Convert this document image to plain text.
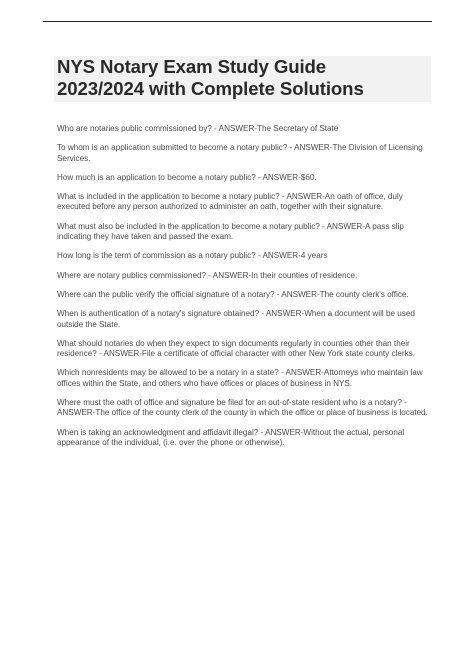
NYS Notary Exam Study Guide
2023/2024 with Complete Solutions
Who are notaries public commissioned by? - ANSWER-The Secretary of State
To whom is an application submitted to become a notary public? - ANSWER-The Division of Licensing Services.
How much is an application to become a notary public? - ANSWER-$60.
What is included in the application to become a notary public? - ANSWER-An oath of office, duly executed before any person authorized to administer an oath, together with their signature.
What must also be included in the application to become a notary public? - ANSWER-A pass slip indicating they have taken and passed the exam.
How long is the term of commission as a notary public? - ANSWER-4 years
Where are notary publics commissioned? - ANSWER-In their counties of residence.
Where can the public verify the official signature of a notary? - ANSWER-The county clerk's office.
When is authentication of a notary's signature obtained? - ANSWER-When a document will be used outside the State.
What should notaries do when they expect to sign documents regularly in counties other than their residence? - ANSWER-File a certificate of official character with other New York state county clerks.
Which nonresidents may be allowed to be a notary in a state? - ANSWER-Attorneys who maintain law offices within the State, and others who have offices or places of business in NYS.
Where must the oath of office and signature be filed for an out-of-state resident who is a notary? - ANSWER-The office of the county clerk of the county in which the office or place of business is located.
When is taking an acknowledgment and affidavit illegal? - ANSWER-Without the actual, personal appearance of the individual, (i.e. over the phone or otherwise).
